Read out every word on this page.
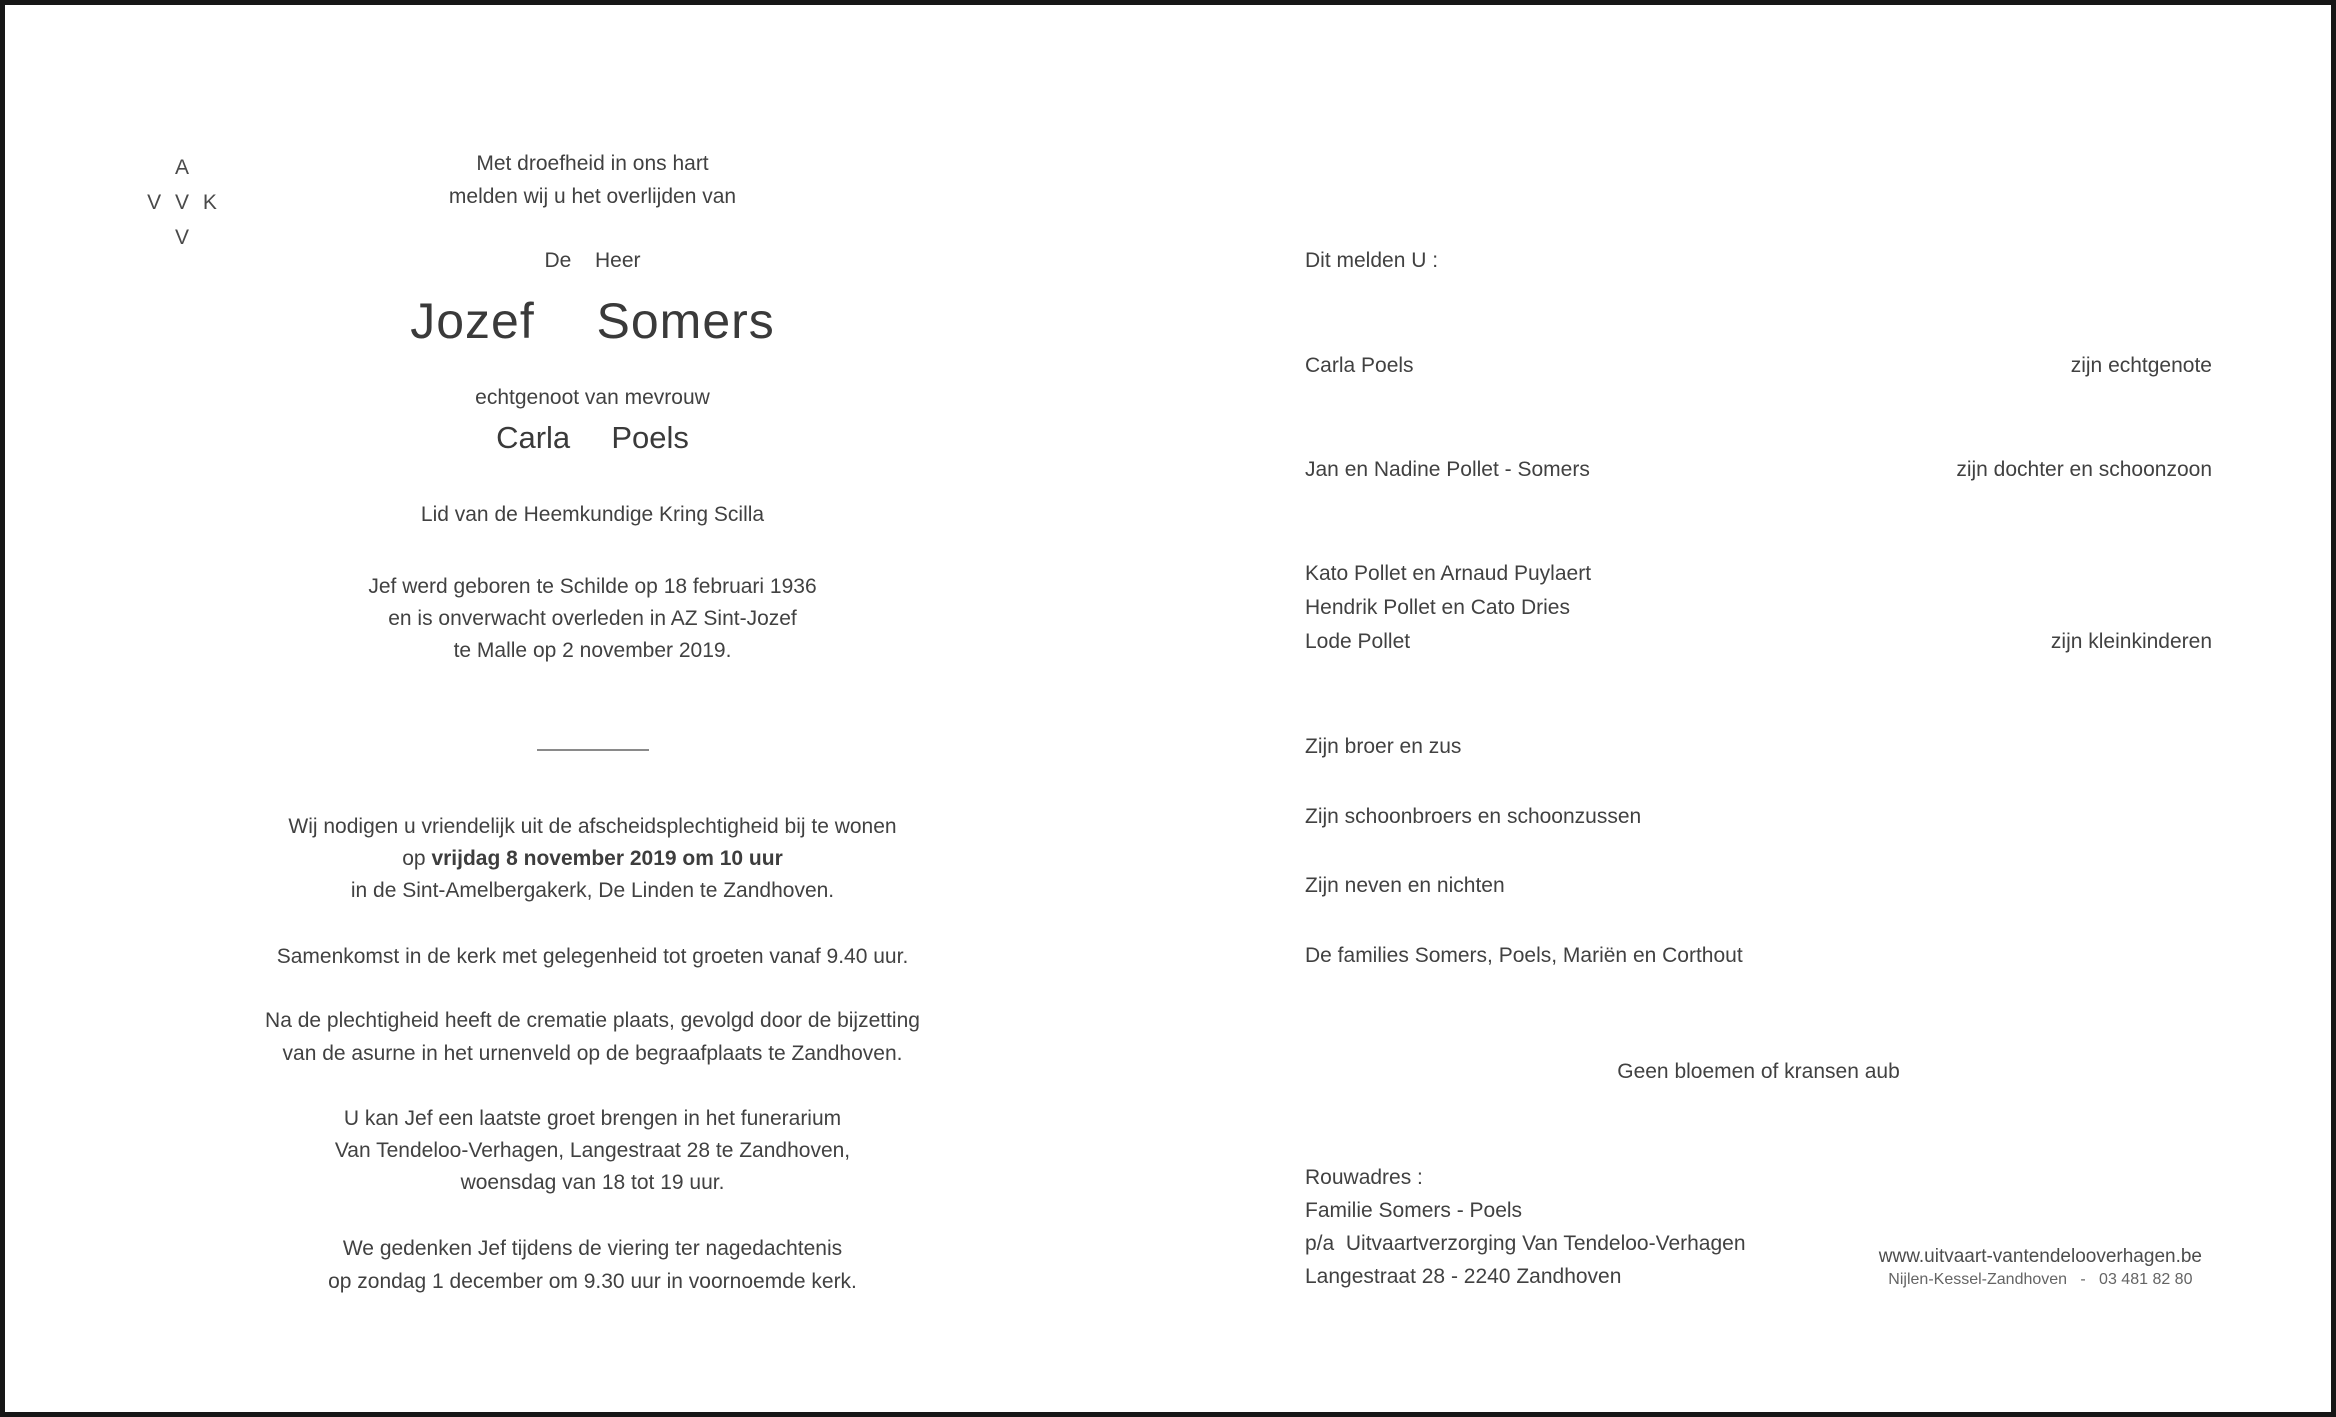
A
V V K
V
Met droefheid in ons hart
melden wij u het overlijden van
De  Heer
Jozef  Somers
echtgenoot van mevrouw
Carla  Poels
Lid van de Heemkundige Kring Scilla
Jef werd geboren te Schilde op 18 februari 1936
en is onverwacht overleden in AZ Sint-Jozef
te Malle op 2 november 2019.
Wij nodigen u vriendelijk uit de afscheidsplechtigheid bij te wonen
op vrijdag 8 november 2019 om 10 uur
in de Sint-Amelbergakerk, De Linden te Zandhoven.
Samenkomst in de kerk met gelegenheid tot groeten vanaf 9.40 uur.
Na de plechtigheid heeft de crematie plaats, gevolgd door de bijzetting
van de asurne in het urnenveld op de begraafplaats te Zandhoven.
U kan Jef een laatste groet brengen in het funerarium
Van Tendeloo-Verhagen, Langestraat 28 te Zandhoven,
woensdag van 18 tot 19 uur.
We gedenken Jef tijdens de viering ter nagedachtenis
op zondag 1 december om 9.30 uur in voornoemde kerk.
Dit melden U :
Carla Poels	zijn echtgenote
Jan en Nadine Pollet - Somers	zijn dochter en schoonzoon
Kato Pollet en Arnaud Puylaert
Hendrik Pollet en Cato Dries
Lode Pollet	zijn kleinkinderen
Zijn broer en zus
Zijn schoonbroers en schoonzussen
Zijn neven en nichten
De families Somers, Poels, Mariën en Corthout
Geen bloemen of kransen aub
Rouwadres :
Familie Somers - Poels
p/a  Uitvaartverzorging Van Tendeloo-Verhagen
Langestraat 28 - 2240 Zandhoven
www.uitvaart-vantendelooverhagen.be
Nijlen-Kessel-Zandhoven   -   03 481 82 80
